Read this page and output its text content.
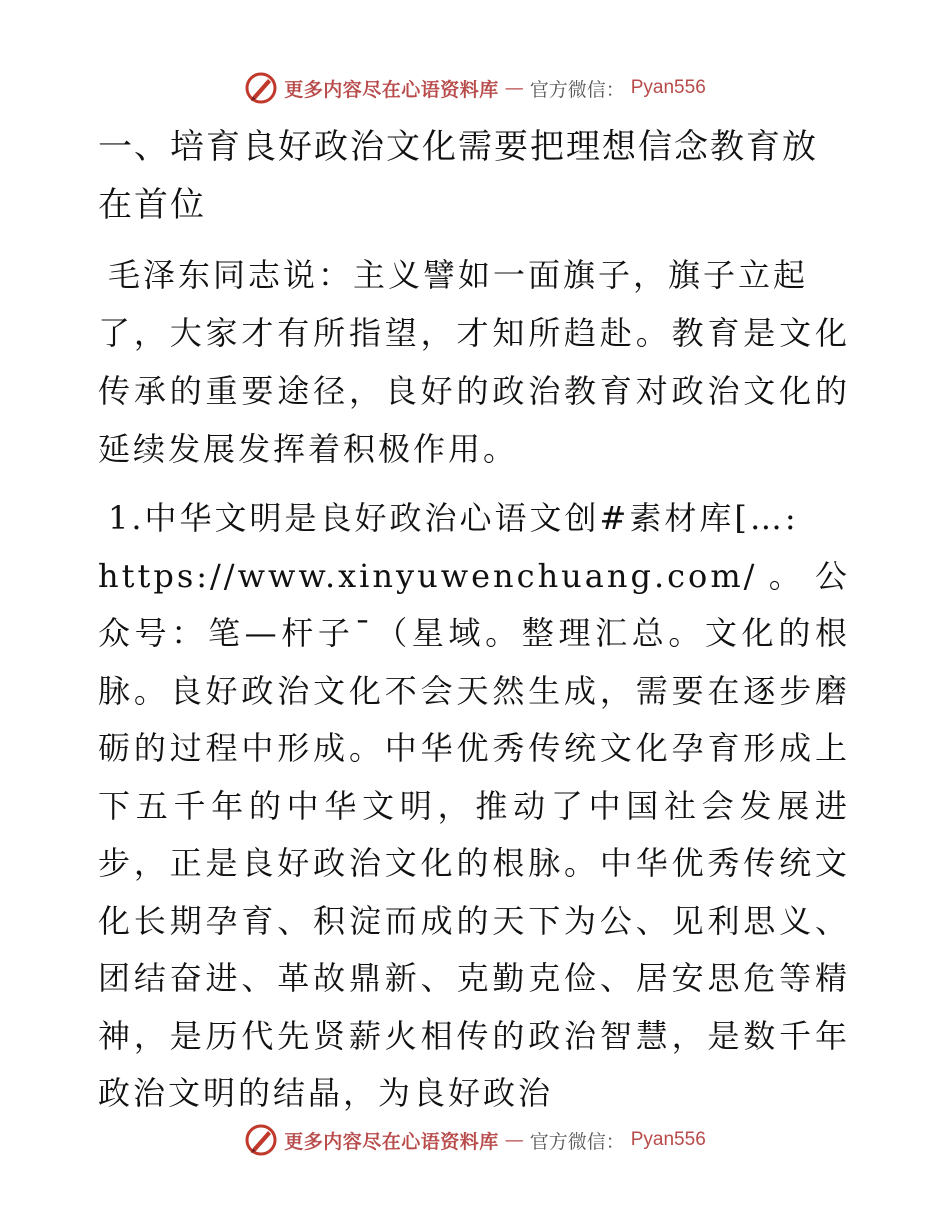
更多内容尽在心语资料库 — 官方微信： Pyan556
一、培育良好政治文化需要把理想信念教育放在首位

毛泽东同志说：主义譬如一面旗子，旗子立起
了，大家才有所指望，才知所趋赴。教育是文化传承的重要途径，良好的政治教育对政治文化的延续发展发挥着积极作用。

1.中华文明是良好政治心语文创#素材库[…:
https://www.xinyuwenchuang.com/。公众号：笔—杆子¯（星域。整理汇总。文化的根脉。良好政治文化不会天然生成，需要在逐步磨砺的过程中形成。中华优秀传统文化孕育形成上下五千年的中华文明，推动了中国社会发展进步，正是良好政治文化的根脉。中华优秀传统文化长期孕育、积淀而成的天下为公、见利思义、团结奋进、革故鼎新、克勤克俭、居安思危等精神，是历代先贤薪火相传的政治智慧，是数千年政治文明的结晶，为良好政治

更多内容尽在心语资料库 — 官方微信： Pyan556
